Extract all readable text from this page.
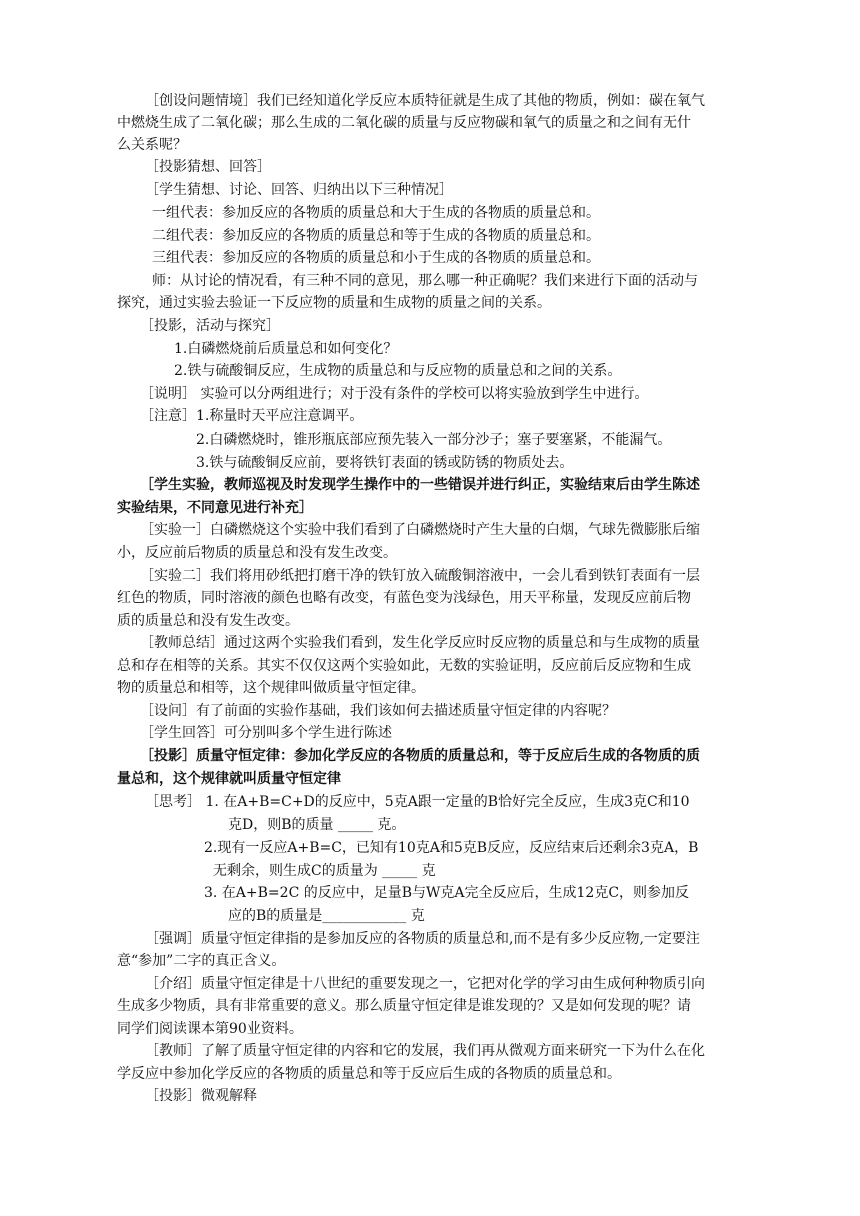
［创设问题情境］我们已经知道化学反应本质特征就是生成了其他的物质，例如：碳在氧气
中燃烧生成了二氧化碳；那么生成的二氧化碳的质量与反应物碳和氧气的质量之和之间有无什
么关系呢？
［投影猜想、回答］
［学生猜想、讨论、回答、归纳出以下三种情况］
一组代表：参加反应的各物质的质量总和大于生成的各物质的质量总和。
二组代表：参加反应的各物质的质量总和等于生成的各物质的质量总和。
三组代表：参加反应的各物质的质量总和小于生成的各物质的质量总和。
师：从讨论的情况看，有三种不同的意见，那么哪一种正确呢？我们来进行下面的活动与
探究，通过实验去验证一下反应物的质量和生成物的质量之间的关系。
［投影，活动与探究］
1.白磷燃烧前后质量总和如何变化？
2.铁与硫酸铜反应，生成物的质量总和与反应物的质量总和之间的关系。
［说明］ 实验可以分两组进行；对于没有条件的学校可以将实验放到学生中进行。
［注意］1.称量时天平应注意调平。
2.白磷燃烧时，锥形瓶底部应预先装入一部分沙子；塞子要塞紧，不能漏气。
3.铁与硫酸铜反应前，要将铁钉表面的锈或防锈的物质处去。
［学生实验，教师巡视及时发现学生操作中的一些错误并进行纠正，实验结束后由学生陈述
实验结果，不同意见进行补充］
［实验一］白磷燃烧这个实验中我们看到了白磷燃烧时产生大量的白烟，气球先微膨胀后缩
小，反应前后物质的质量总和没有发生改变。
［实验二］我们将用砂纸把打磨干净的铁钉放入硫酸铜溶液中，一会儿看到铁钉表面有一层
红色的物质，同时溶液的颜色也略有改变，有蓝色变为浅绿色，用天平称量，发现反应前后物
质的质量总和没有发生改变。
［教师总结］通过这两个实验我们看到，发生化学反应时反应物的质量总和与生成物的质量
总和存在相等的关系。其实不仅仅这两个实验如此，无数的实验证明，反应前后反应物和生成
物的质量总和相等，这个规律叫做质量守恒定律。
［设问］有了前面的实验作基础，我们该如何去描述质量守恒定律的内容呢？
［学生回答］可分别叫多个学生进行陈述
［投影］质量守恒定律：参加化学反应的各物质的质量总和，等于反应后生成的各物质的质
量总和，这个规律就叫质量守恒定律
［思考］ 1. 在A+B=C+D的反应中，5克A跟一定量的B恰好完全反应，生成3克C和10
克D，则B的质量 _____ 克。
2.现有一反应A+B=C，已知有10克A和5克B反应，反应结束后还剩余3克A，B
无剩余，则生成C的质量为 _____ 克
3. 在A+B=2C 的反应中，足量B与W克A完全反应后，生成12克C，则参加反
应的B的质量是____________ 克
［强调］质量守恒定律指的是参加反应的各物质的质量总和,而不是有多少反应物,一定要注
意“参加”二字的真正含义。
［介绍］质量守恒定律是十八世纪的重要发现之一，它把对化学的学习由生成何种物质引向
生成多少物质，具有非常重要的意义。那么质量守恒定律是谁发现的？又是如何发现的呢？请
同学们阅读课本第90业资料。
［教师］了解了质量守恒定律的内容和它的发展，我们再从微观方面来研究一下为什么在化
学反应中参加化学反应的各物质的质量总和等于反应后生成的各物质的质量总和。
［投影］微观解释
